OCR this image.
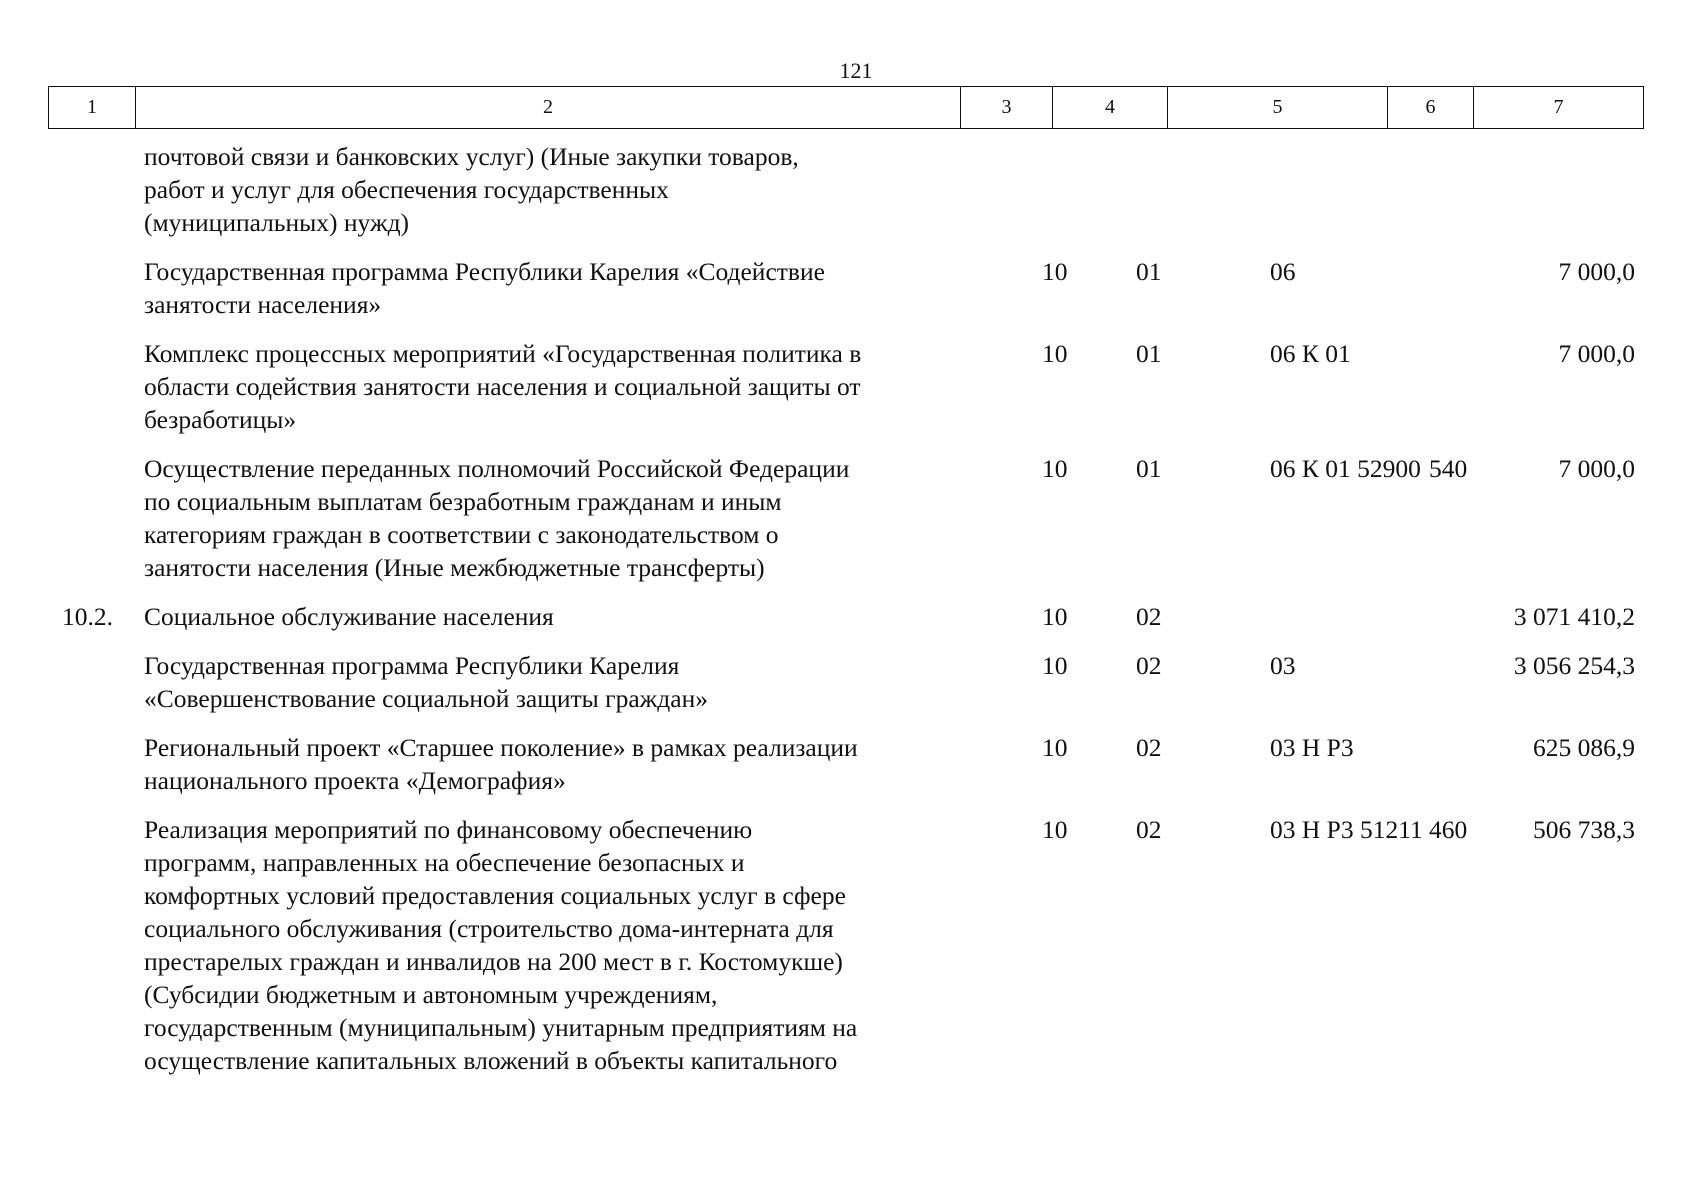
121
1	2	3	4	5	6	7
почтовой связи и банковских услуг) (Иные закупки товаров,
работ и услуг для обеспечения государственных
(муниципальных) нужд)
Государственная программа Республики Карелия «Содействие
занятости населения»
10	01	06	7 000,0
Комплекс процессных мероприятий «Государственная политика в
области содействия занятости населения и социальной защиты от
безработицы»
10	01	06 К 01	7 000,0
Осуществление переданных полномочий Российской Федерации
по социальным выплатам безработным гражданам и иным
категориям граждан в соответствии с законодательством о
занятости населения (Иные межбюджетные трансферты)
10	01	06 К 01 52900 540	7 000,0
10.2.	Социальное обслуживание населения	10	02	3 071 410,2
Государственная программа Республики Карелия
«Совершенствование социальной защиты граждан»
10	02	03	3 056 254,3
Региональный проект «Старшее поколение» в рамках реализации
национального проекта «Демография»
10	02	03 Н Р3	625 086,9
Реализация мероприятий по финансовому обеспечению
программ, направленных на обеспечение безопасных и
комфортных условий предоставления социальных услуг в сфере
социального обслуживания (строительство дома-интерната для
престарелых граждан и инвалидов на 200 мест в г. Костомукше)
(Субсидии бюджетным и автономным учреждениям,
государственным (муниципальным) унитарным предприятиям на
осуществление капитальных вложений в объекты капитального
10	02	03 Н Р3 51211 460	506 738,3
